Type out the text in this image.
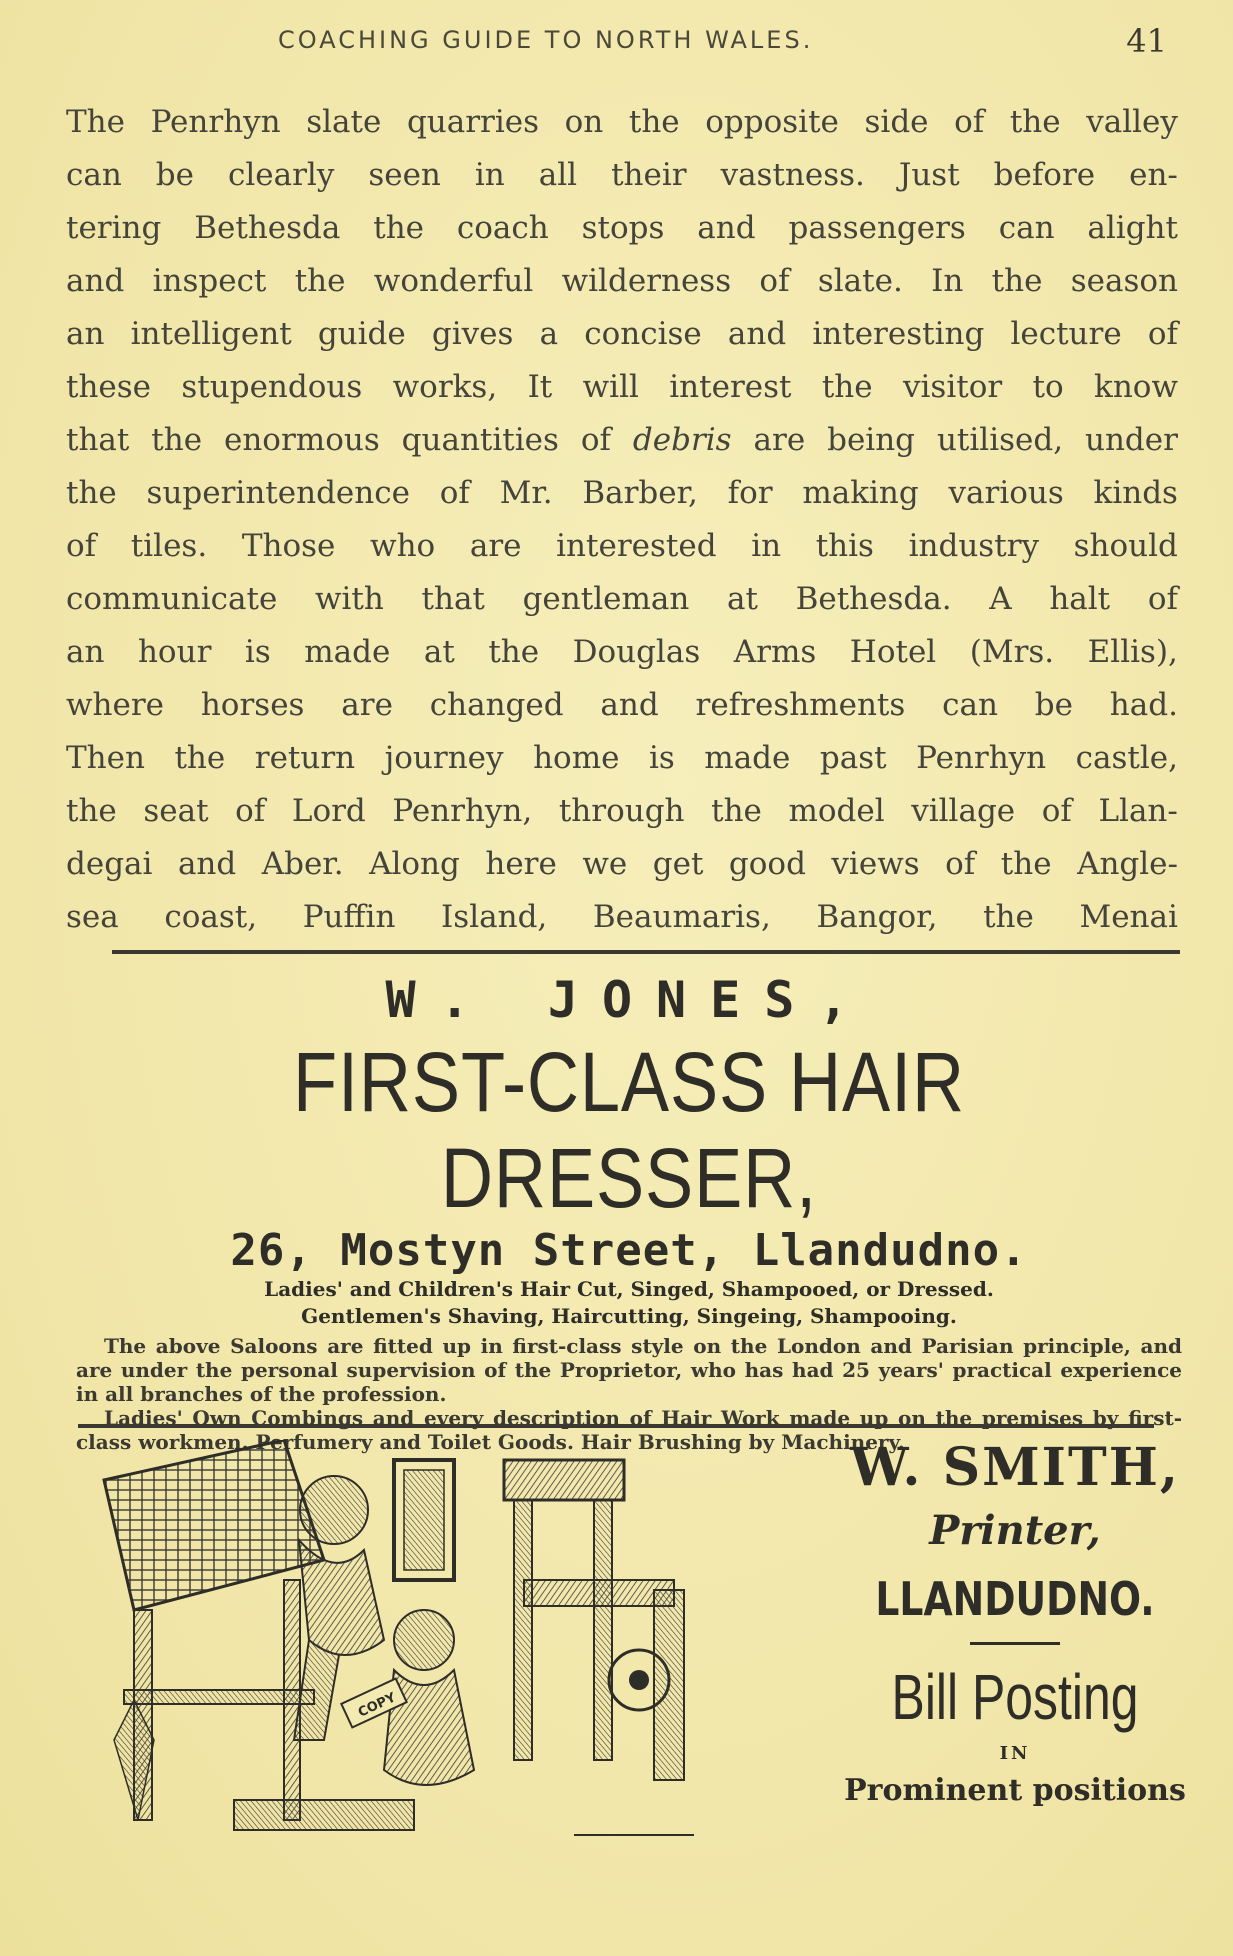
COACHING GUIDE TO NORTH WALES.	41
The Penrhyn slate quarries on the opposite side of the valley
can be clearly seen in all their vastness. Just before en-
tering Bethesda the coach stops and passengers can alight
and inspect the wonderful wilderness of slate. In the season
an intelligent guide gives a concise and interesting lecture of
these stupendous works, It will interest the visitor to know
that the enormous quantities of debris are being utilised, under
the superintendence of Mr. Barber, for making various kinds
of tiles. Those who are interested in this industry should
communicate with that gentleman at Bethesda. A halt of
an hour is made at the Douglas Arms Hotel (Mrs. Ellis),
where horses are changed and refreshments can be had.
Then the return journey home is made past Penrhyn castle,
the seat of Lord Penrhyn, through the model village of Llan-
degai and Aber. Along here we get good views of the Angle-
sea coast, Puffin Island, Beaumaris, Bangor, the Menai
W. JONES,
FIRST-CLASS HAIR DRESSER,
26, Mostyn Street, Llandudno.
Ladies' and Children's Hair Cut, Singed, Shampooed, or Dressed.
Gentlemen's Shaving, Haircutting, Singeing, Shampooing.

The above Saloons are fitted up in first-class style on the London and Parisian principle, and are under the personal supervision of the Proprietor, who has had 25 years' practical experience in all branches of the profession.

Ladies' Own Combings and every description of Hair Work made up on the premises by first-class workmen. Perfumery and Toilet Goods. Hair Brushing by Machinery.

COPY
W. SMITH,
Printer,
LLANDUDNO.
Bill Posting
IN
Prominent positions
